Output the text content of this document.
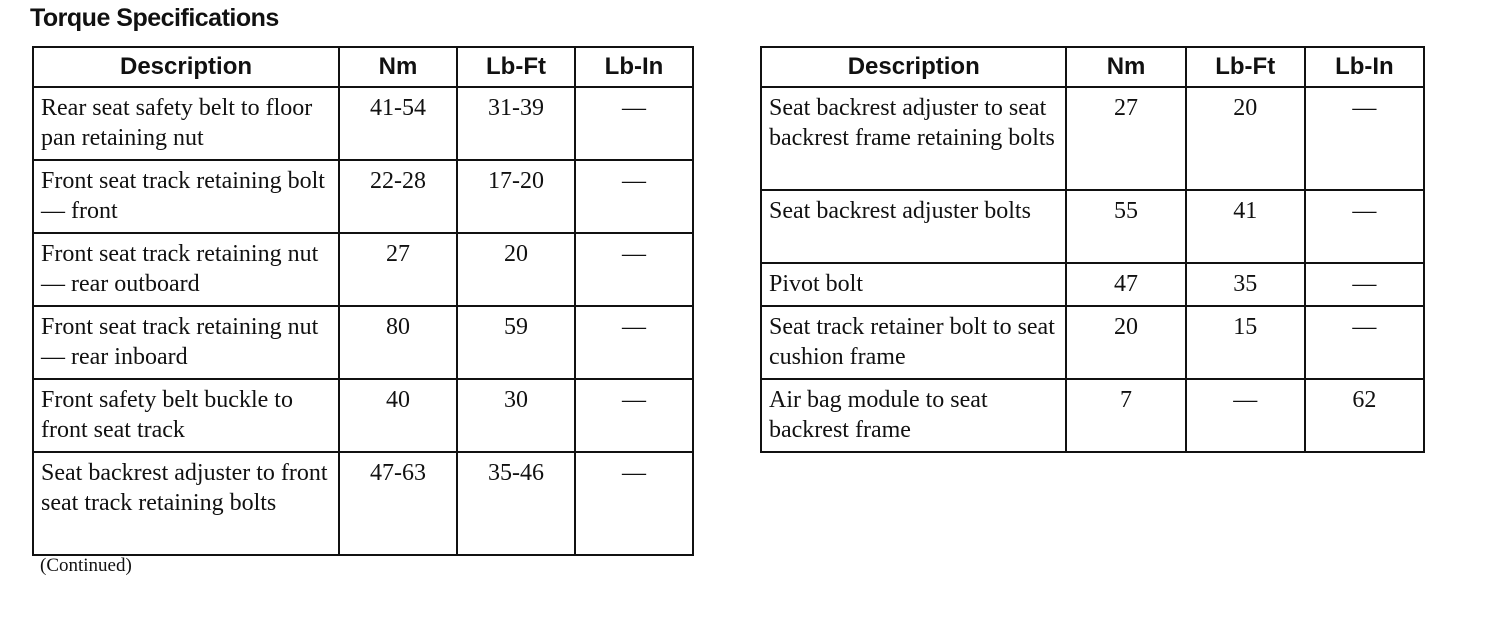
Torque Specifications
Description	Nm	Lb-Ft	Lb-In
Rear seat safety belt to floor pan retaining nut	41-54	31-39	—
Front seat track retaining bolt — front	22-28	17-20	—
Front seat track retaining nut — rear outboard	27	20	—
Front seat track retaining nut — rear inboard	80	59	—
Front safety belt buckle to front seat track	40	30	—
Seat backrest adjuster to front seat track retaining bolts	47-63	35-46	—
(Continued)
Description	Nm	Lb-Ft	Lb-In
Seat backrest adjuster to seat backrest frame retaining bolts	27	20	—
Seat backrest adjuster bolts	55	41	—
Pivot bolt	47	35	—
Seat track retainer bolt to seat cushion frame	20	15	—
Air bag module to seat backrest frame	7	—	62
